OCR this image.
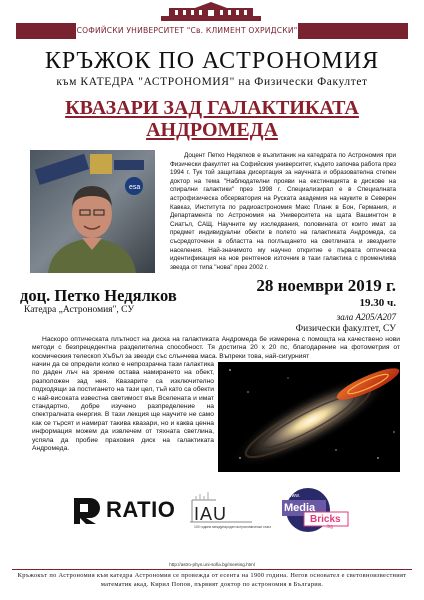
СОФИЙСКИ УНИВЕРСИТЕТ "Св. КЛИМЕНТ ОХРИДСКИ"
КРЪЖОК ПО АСТРОНОМИЯ
към КАТЕДРА "АСТРОНОМИЯ" на Физически Факултет
КВАЗАРИ ЗАД ГАЛАКТИКАТА
АНДРОМЕДА
esa
Доцент Петко Недялков е възпитаник на катедрата по Астрономия при Физически факултет на Софийския университет, където започва работа през 1994 г. Тук той защитава дисертация за научната и образователна степен доктор на тема "Наблюдателни прояви на екстинкцията в дискове на спирални галактики" през 1998 г. Специализирал е в Специалната астрофизическа обсерватория на Руската академия на науките в Северен Кавказ, Института по радиоастрономия Макс Планк в Бон, Германия, и Департамента по Астрономия на Университета на щата Вашингтон в Сиатъл, САЩ. Научните му изследвания, половината от които имат за предмет индивидуални обекти в полето на галактиката Андромеда, са съсредоточени в областта на поглъщането на светлината и звездните населения. Най-значимото му научно откритие е първата оптическа идентификация на нов рентгенов източник в тази галактика с променлива звезда от типа "нова" през 2002 г.
доц. Петко Недялков
Катедра „Астрономия", СУ
28 ноември 2019 г.
19.30 ч.
зала А205/А207
Физически факултет, СУ
Наскоро оптическата плътност на диска на галактиката Андромеда бе измерена с помощта на качествено нови методи с безпрецедентна разделителна способност. Тя достигна 20 х 20 пс, благодарение на фотометрия от космическия телескоп Хъбъл за звезди със слънчева маса. Въпреки това, най-сигурният
начин да се определи колко е непрозрачна тази галактика по даден лъч на зрение остава намирането на обект, разположен зад нея. Квазарите са изключително подходящи за постигането на тази цел, тъй като са обекти с най-високата известна светимост във Вселената и имат стандартно, добре изучено разпределение на спектралната енергия. В тази лекция ще научите не само как се търсят и намират такива квазари, но и каква ценна информация можем да извлечем от тяхната светлина, успяла да пробие праховия диск на галактиката Андромеда.
RATIO IAU
100 години международен астрономически съюз
www.
Media
Bricks
.bg
http://astro-phys.uni-sofia.bg/meeting.html
Кръжокът по Астрономия към катедра Астрономия се провежда от есента на 1900 година. Негов основател е световноизвестният математик акад. Кирил Попов, първият доктор по астрономия в България.
